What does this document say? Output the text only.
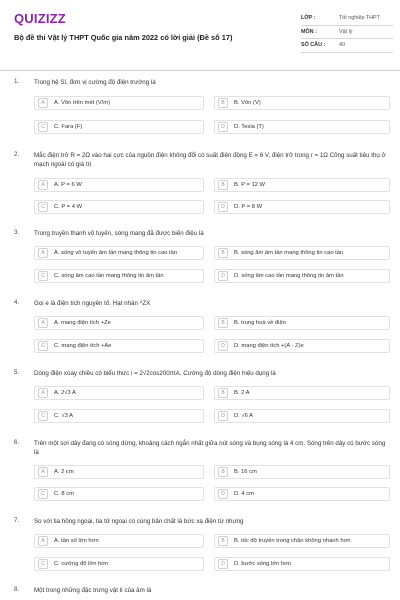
QUIZIZZ
Bộ đề thi Vật lý THPT Quốc gia năm 2022 có lời giải (Đề số 17)
LỚP :	Tốt nghiệp THPT
MÔN :	Vật lý
SỐ CÂU :	40
1. Trong hệ SI, đơn vị cường độ điện trường là
A	A. Vôn trên mét (V/m)	B	B. Vôn (V)
C	C. Fara (F)	D	D. Tesla (T)
2. Mắc điện trở R = 2Ω vào hai cực của nguồn điện không đổi có suất điện động E = 6 V, điện trở trong r = 1Ω Công suất tiêu thụ ở mạch ngoài có giá trị
A	A. P = 6 W	B	B. P = 12 W
C	C. P = 4 W	D	D. P = 8 W
3. Trong truyền thanh vô tuyến, sóng mang đã được biến điệu là
A	A. sóng vô tuyến âm tần mang thông tin cao tần	B	B. sóng âm âm tần mang thông tin cao tần
C	C. sóng âm cao tần mang thông tin âm tần	D	D. sóng âm cao tần mang thông tin âm tần
4. Gọi e là điện tích nguyên tố. Hạt nhân ᴬZX
A	A. mang điện tích +Ze	B	B. trung hoà về điện
C	C. mang điện tích +Ae	D	D. mang điện tích +(A - Z)e
5. Dòng điện xoay chiều có biểu thức i = 2√2cos200πtA. Cường độ dòng điện hiệu dụng là
A	A. 2√3 A	B	B. 2 A
C	C. √3 A	D	D. √6 A
6. Trên một sợi dây đang có sóng dừng, khoảng cách ngắn nhất giữa nút sóng và bụng sóng là 4 cm. Sóng trên dây có bước sóng là
A	A. 2 cm	B	B. 16 cm
C	C. 8 cm	D	D. 4 cm
7. So với tia hồng ngoại, tia tử ngoại có cùng bản chất là bức xạ điện từ nhưng
A	A. tần số lớn hơn	B	B. tốc độ truyền trong chân không nhanh hơn
C	C. cường độ lớn hơn	D	D. bước sóng lớn hơn
8. Một trong những đặc trưng vật lí của âm là
